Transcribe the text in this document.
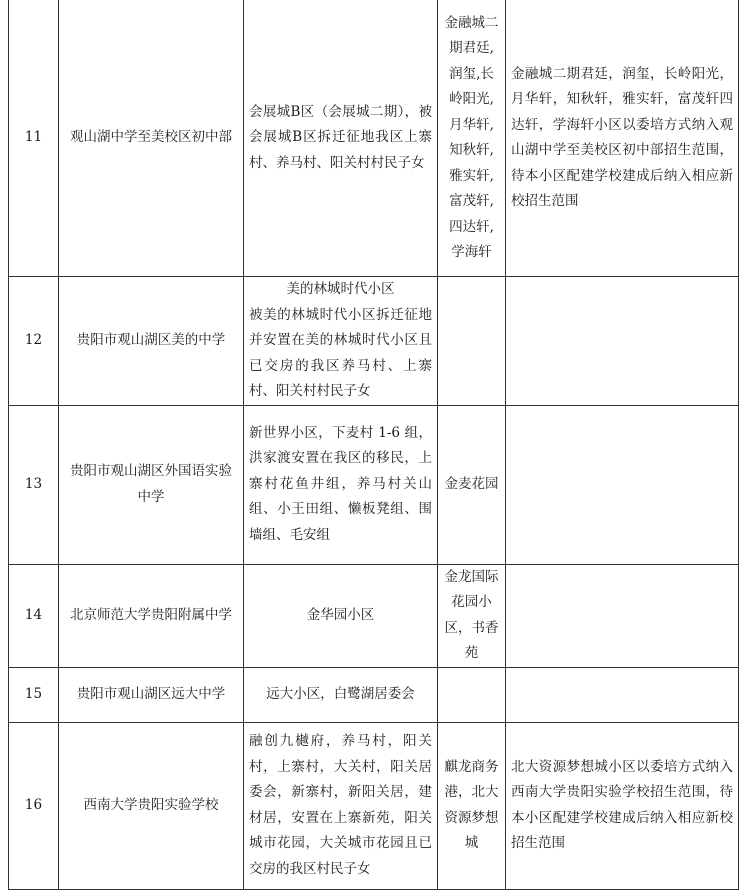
11	观山湖中学至美校区初中部	会展城B区（会展城二期），被会展城B区拆迁征地我区上寨村、养马村、阳关村村民子女	金融城二期君廷,润玺,长岭阳光,月华轩,知秋轩,雅实轩,富茂轩,四达轩,学海轩	金融城二期君廷，润玺，长岭阳光，月华轩，知秋轩，雅实轩，富茂轩四达轩，学海轩小区以委培方式纳入观山湖中学至美校区初中部招生范围，待本小区配建学校建成后纳入相应新校招生范围
12	贵阳市观山湖区美的中学	美的林城时代小区
被美的林城时代小区拆迁征地并安置在美的林城时代小区且已交房的我区养马村、上寨村、阳关村村民子女		

13	贵阳市观山湖区外国语实验中学	新世界小区，下麦村 1-6 组，洪家渡安置在我区的移民，上寨村花鱼井组，养马村关山组、小王田组、懒板凳组、围墙组、毛安组	金麦花园	
14	北京师范大学贵阳附属中学	金华园小区	金龙国际花园小区，书香苑	
15	贵阳市观山湖区远大中学	远大小区，白鹭湖居委会		
16	西南大学贵阳实验学校	融创九樾府，养马村，阳关村，上寨村，大关村，阳关居委会，新寨村，新阳关居，建材居，安置在上寨新苑，阳关城市花园，大关城市花园且已交房的我区村民子女	麒龙商务港，北大资源梦想城	北大资源梦想城小区以委培方式纳入西南大学贵阳实验学校招生范围，待本小区配建学校建成后纳入相应新校招生范围
